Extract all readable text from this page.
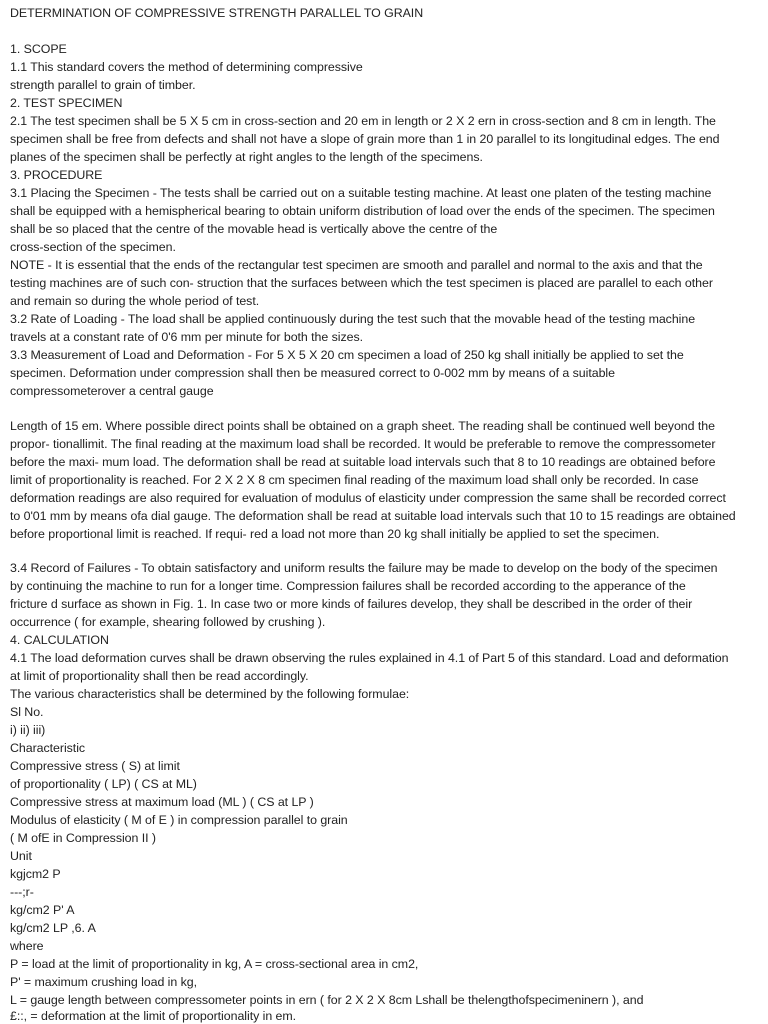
DETERMINATION OF COMPRESSIVE STRENGTH PARALLEL TO GRAIN
1. SCOPE
1.1 This standard covers the method of determining compressive
strength parallel to grain of timber.
2. TEST SPECIMEN
2.1 The test specimen shall be 5 X 5 cm in cross-section and 20 em in length or 2 X 2 ern in cross-section and 8 cm in length. The
specimen shall be free from defects and shall not have a slope of grain more than 1 in 20 parallel to its longitudinal edges. The end
planes of the specimen shall be perfectly at right angles to the length of the specimens.
3. PROCEDURE
3.1 Placing the Specimen - The tests shall be carried out on a suitable testing machine. At least one platen of the testing machine
shall be equipped with a hemispherical bearing to obtain uniform distribution of load over the ends of the specimen. The specimen
shall be so placed that the centre of the movable head is vertically above the centre of the
cross-section of the specimen.
NOTE - It is essential that the ends of the rectangular test specimen are smooth and parallel and normal to the axis and that the
testing machines are of such con- struction that the surfaces between which the test specimen is placed are parallel to each other
and remain so during the whole period of test.
3.2 Rate of Loading - The load shall be applied continuously during the test such that the movable head of the testing machine
travels at a constant rate of 0'6 mm per minute for both the sizes.
3.3 Measurement of Load and Deformation - For 5 X 5 X 20 cm specimen a load of 250 kg shall initially be applied to set the
specimen. Deformation under compression shall then be measured correct to 0-002 mm by means of a suitable
compressometerover a central gauge
Length of 15 em. Where possible direct points shall be obtained on a graph sheet. The reading shall be continued well beyond the
propor- tionallimit. The final reading at the maximum load shall be recorded. It would be preferable to remove the compressometer
before the maxi- mum load. The deformation shall be read at suitable load intervals such that 8 to 10 readings are obtained before
limit of proportionality is reached. For 2 X 2 X 8 cm specimen final reading of the maximum load shall only be recorded. In case
deformation readings are also required for evaluation of modulus of elasticity under compression the same shall be recorded correct
to 0'01 mm by means ofa dial gauge. The deformation shall be read at suitable load intervals such that 10 to 15 readings are obtained
before proportional limit is reached. If requi- red a load not more than 20 kg shall initially be applied to set the specimen.
3.4 Record of Failures - To obtain satisfactory and uniform results the failure may be made to develop on the body of the specimen
by continuing the machine to run for a longer time. Compression failures shall be recorded according to the apperance of the
fricture d surface as shown in Fig. 1. In case two or more kinds of failures develop, they shall be described in the order of their
occurrence ( for example, shearing followed by crushing ).
4. CALCULATION
4.1 The load deformation curves shall be drawn observing the rules explained in 4.1 of Part 5 of this standard. Load and deformation
at limit of proportionality shall then be read accordingly.
The various characteristics shall be determined by the following formulae:
Sl No.
i) ii) iii)
Characteristic
Compressive stress ( S) at limit
of proportionality ( LP) ( CS at ML)
Compressive stress at maximum load (ML ) ( CS at LP )
Modulus of elasticity ( M of E ) in compression parallel to grain
( M ofE in Compression II )
Unit
kgjcm2 P
---;r-
kg/cm2 P' A
kg/cm2 LP ,6. A
where
P = load at the limit of proportionality in kg, A = cross-sectional area in cm2,
P' = maximum crushing load in kg,
L = gauge length between compressometer points in ern ( for 2 X 2 X 8cm Lshall be thelengthofspecimeninern ), and
£::, = deformation at the limit of proportionality in em.
